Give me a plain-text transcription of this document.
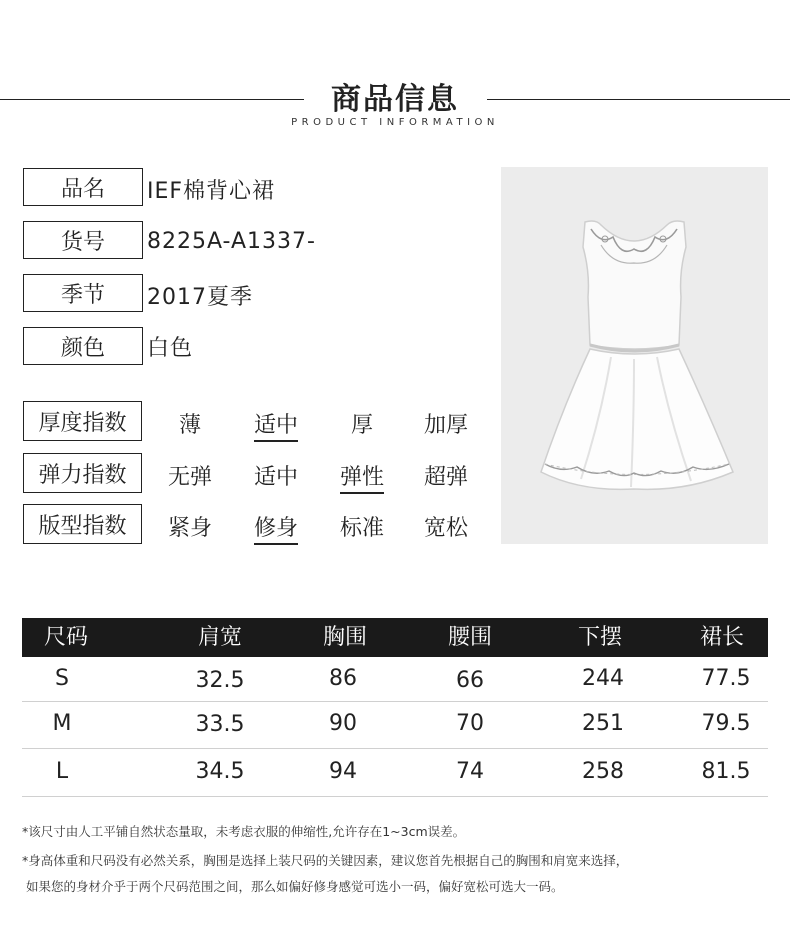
商品信息
PRODUCT INFORMATION
品名	IEF棉背心裙
货号	8225A-A1337-
季节	2017夏季
颜色	白色
厚度指数	薄	适中	厚	加厚
弹力指数	无弹	适中	弹性	超弹
版型指数	紧身	修身	标准	宽松
尺码	肩宽	胸围	腰围	下摆	裙长
S	32.5	86	66	244	77.5
M	33.5	90	70	251	79.5
L	34.5	94	74	258	81.5
*该尺寸由人工平铺自然状态量取，未考虑衣服的伸缩性,允许存在1~3cm误差。
*身高体重和尺码没有必然关系，胸围是选择上装尺码的关键因素，建议您首先根据自己的胸围和肩宽来选择，
如果您的身材介乎于两个尺码范围之间，那么如偏好修身感觉可选小一码，偏好宽松可选大一码。
